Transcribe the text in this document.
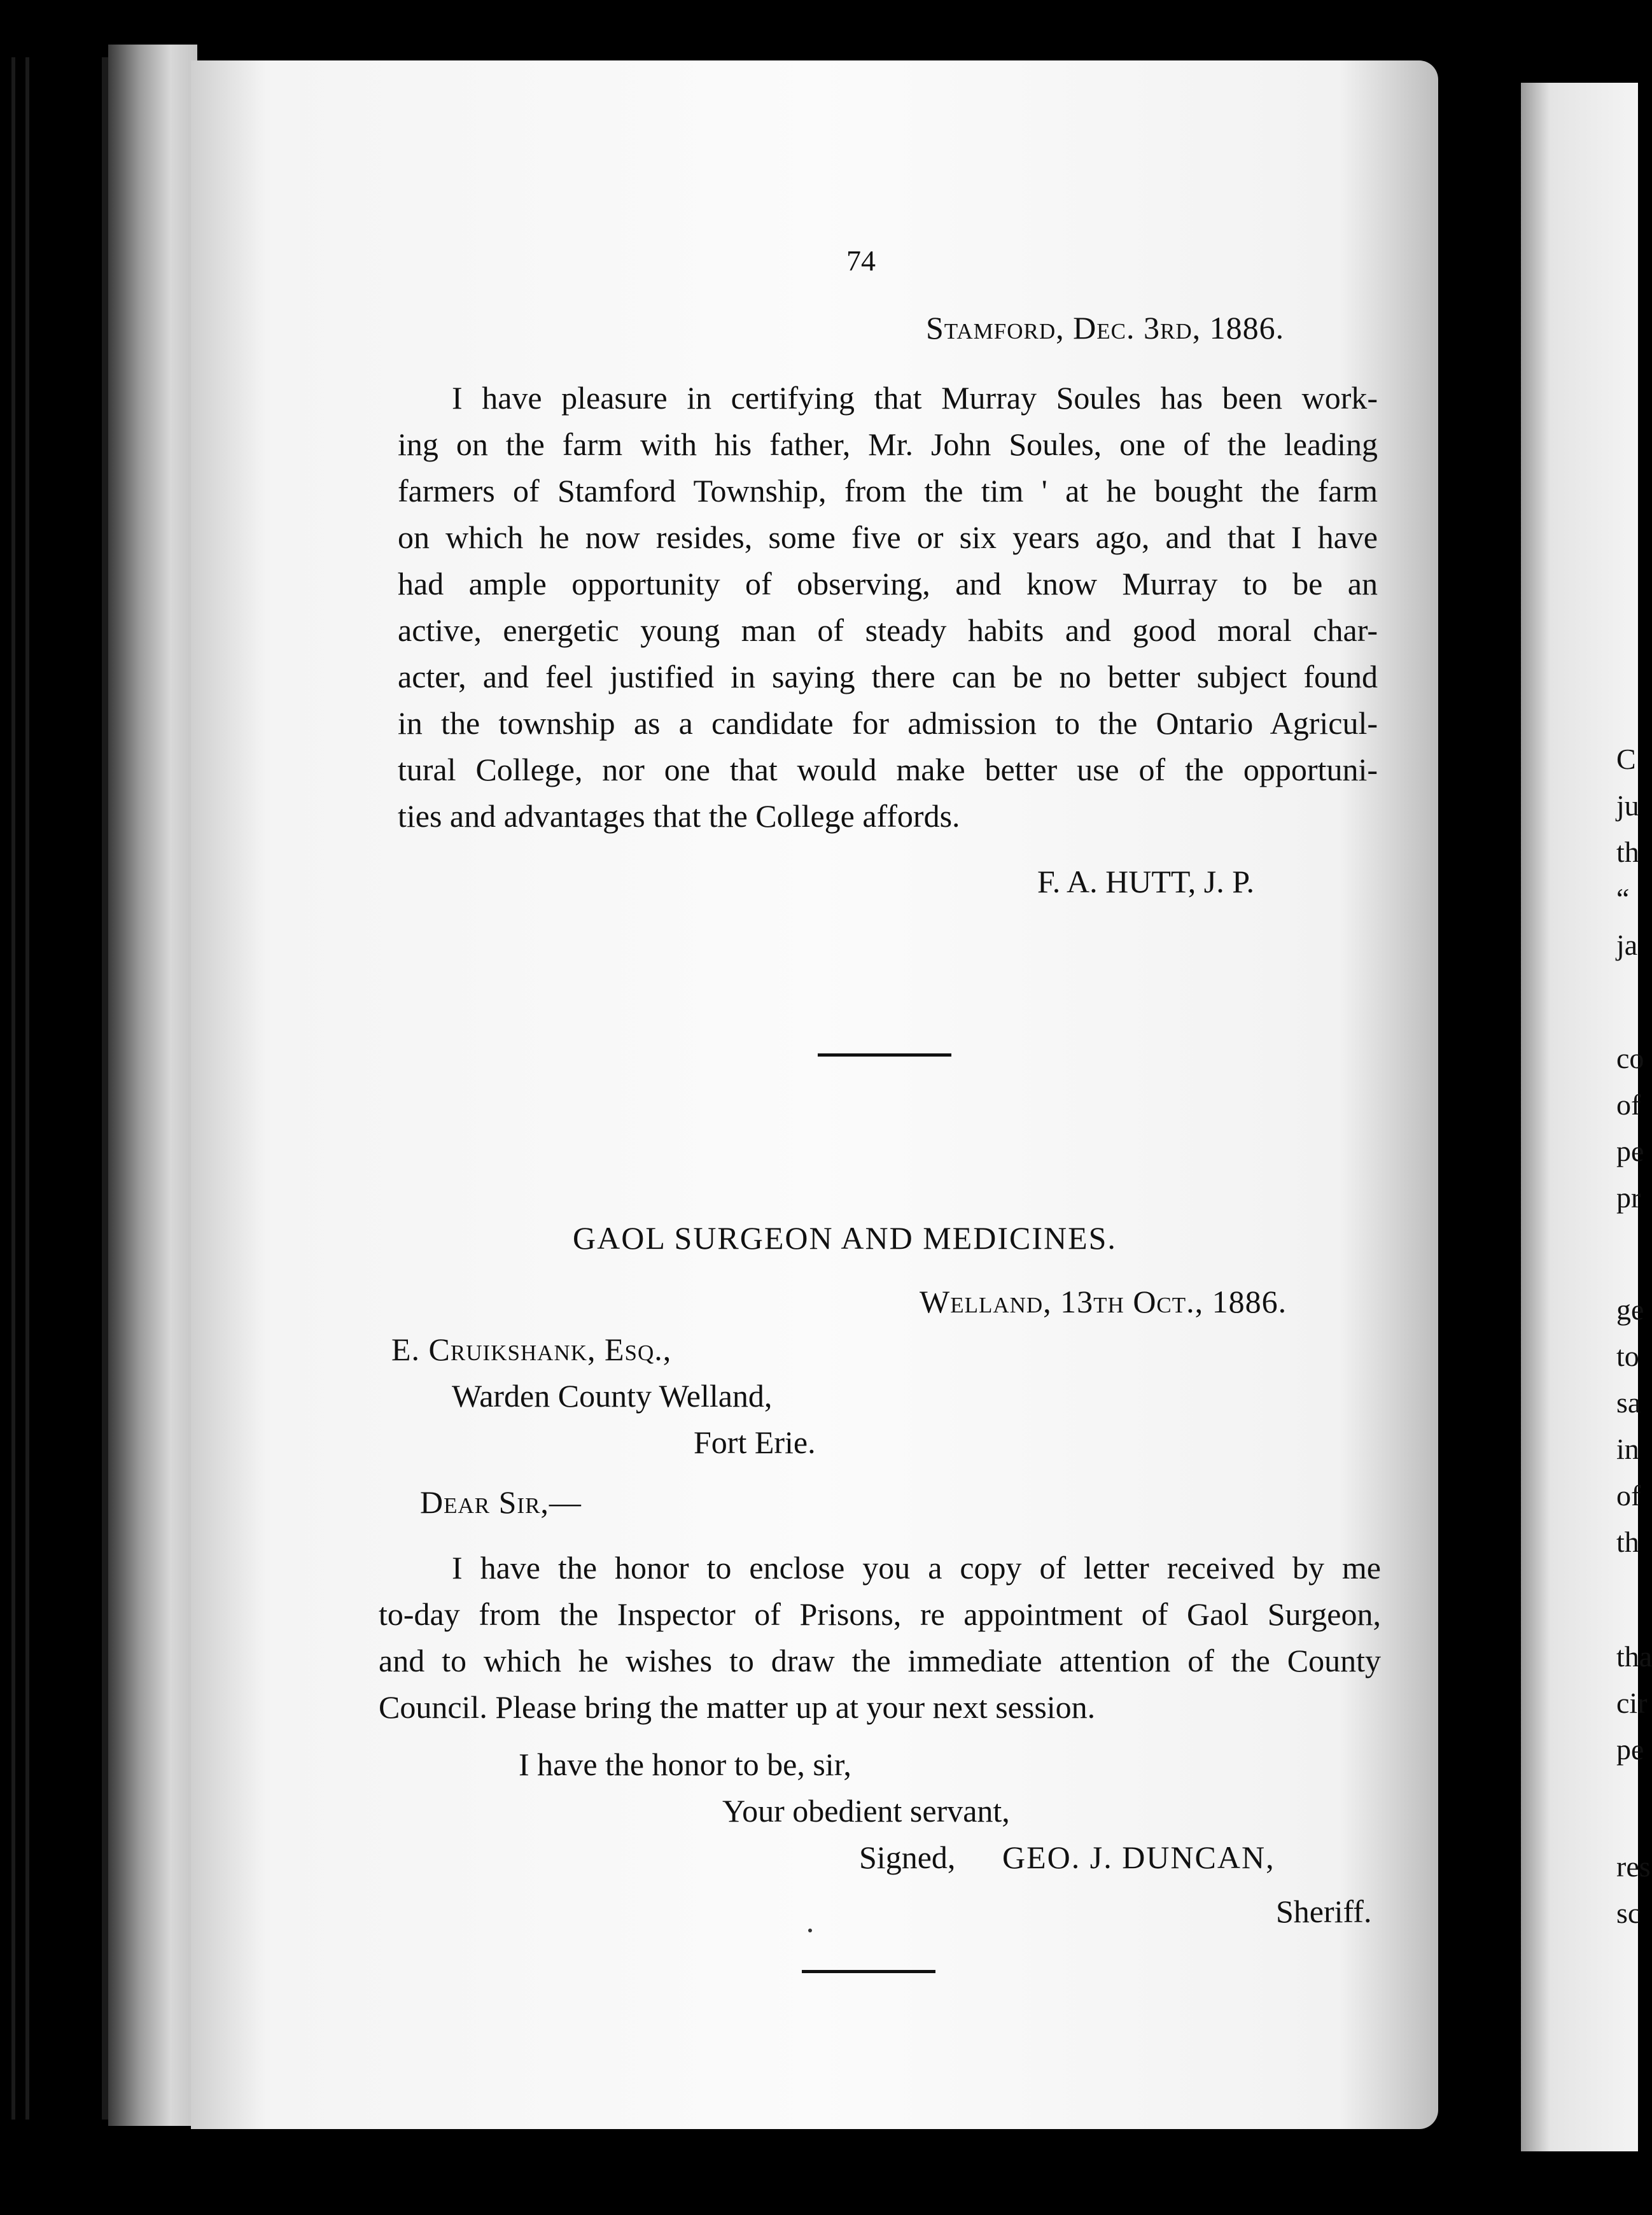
74
Stamford, Dec. 3rd, 1886.
I have pleasure in certifying that Murray Soules has been work-
ing on the farm with his father, Mr. John Soules, one of the leading
farmers of Stamford Township, from the tim ' at he bought the farm
on which he now resides, some five or six years ago, and that I have
had ample opportunity of observing, and know Murray to be an
active, energetic young man of steady habits and good moral char-
acter, and feel justified in saying there can be no better subject found
in the township as a candidate for admission to the Ontario Agricul-
tural College, nor one that would make better use of the opportuni-
ties and advantages that the College affords.
F. A. HUTT, J. P.
GAOL SURGEON AND MEDICINES.
Welland, 13th Oct., 1886.
E. Cruikshank, Esq.,
Warden County Welland,
Fort Erie.
Dear Sir,—
I have the honor to enclose you a copy of letter received by me
to-day from the Inspector of Prisons, re appointment of Gaol Surgeon,
and to which he wishes to draw the immediate attention of the County
Council. Please bring the matter up at your next session.
I have the honor to be, sir,
Your obedient servant,
Signed, GEO. J. DUNCAN,
Sheriff.
C
ju
th
“
ja
co
of
pe
pr
ge
to
sa
in
of
th
tha
cir
pe
res
sc
